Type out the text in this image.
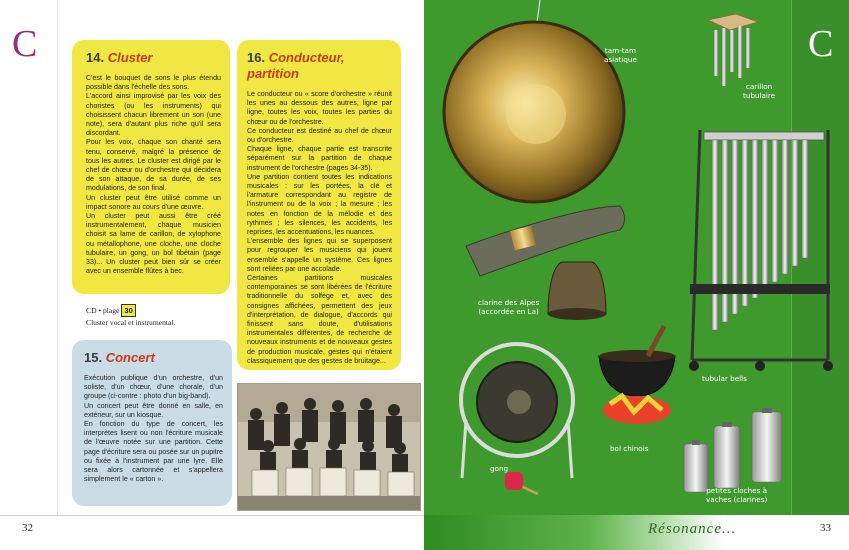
C	14. Cluster

C'est le bouquet de sons le plus étendu possible dans l'échelle des sons.

L'accord ainsi improvisé par les voix des choristes (ou les instruments) qui choisissent chacun librement un son (une note), sera d'autant plus riche qu'il sera discordant.

Pour les voix, chaque son chanté sera tenu, conservé, malgré la présence de tous les autres. Le cluster est dirigé par le chef de chœur ou d'orchestre qui décidera de son attaque, de sa durée, de ses modulations, de son final.

Un cluster peut être utilisé comme un impact sonore au cours d'une œuvre.

Un cluster peut aussi être créé instrumentalement, chaque musicien choisit sa lame de carillon, de xylophone ou métallophone, une cloche, une cloche tubulaire, un gong, un bol tibétain (page 33)... Un cluster peut bien sûr se créer avec un ensemble flûtes à bec.

CD • plage 30
Cluster vocal et instrumental.
16. Conducteur, partition

Le conducteur ou « score d'orchestre » réunit les unes au dessous des autres, ligne par ligne, toutes les voix, toutes les parties du chœur ou de l'orchestre.

Ce conducteur est destiné au chef de chœur ou d'orchestre.

Chaque ligne, chaque partie est transcrite séparément sur la partition de chaque instrument de l'orchestre (pages 34-35).

Une partition contient toutes les indications musicales : sur les portées, la clé et l'armature correspondant au registre de l'instrument ou de la voix ; la mesure ; les notes en fonction de la mélodie et des rythmes ; les silences, les accidents, les reprises, les accentuations, les nuances.

L'ensemble des lignes qui se superposent pour regrouper les musiciens qui jouent ensemble s'appelle un système. Ces lignes sont reliées par une accolade.

Certaines partitions musicales contemporaines se sont libérées de l'écriture traditionnelle du solfège et, avec des consignes affichées, permettent des jeux d'interprétation, de dialogue, d'accords qui finissent sans doute, d'utilisations instrumentales différentes, de recherche de nouveaux instruments et de nouveaux gestes de production musicale, gestes qui n'étaient classiquement que des gestes de bruitage...

15. Concert

Exécution publique d'un orchestre, d'un soliste, d'un chœur, d'une chorale, d'un groupe (ci-contre : photo d'un big-band).

Un concert peut être donné en salle, en extérieur, sur un kiosque.

En fonction du type de concert, les interprètes lisent ou non l'écriture musicale de l'œuvre notée sur une partition. Cette page d'écriture sera ou posée sur un pupitre ou fixée à l'instrument par une lyre. Elle sera alors cartonnée et s'appellera simplement le « carton ».

32
C
tam-tam
asiatique
carillon
tubulaire
clarine des Alpes
(accordée en La)
tubular bells
bol chinois
gong
petites cloches à
vaches (clarines)
Résonance...	33
